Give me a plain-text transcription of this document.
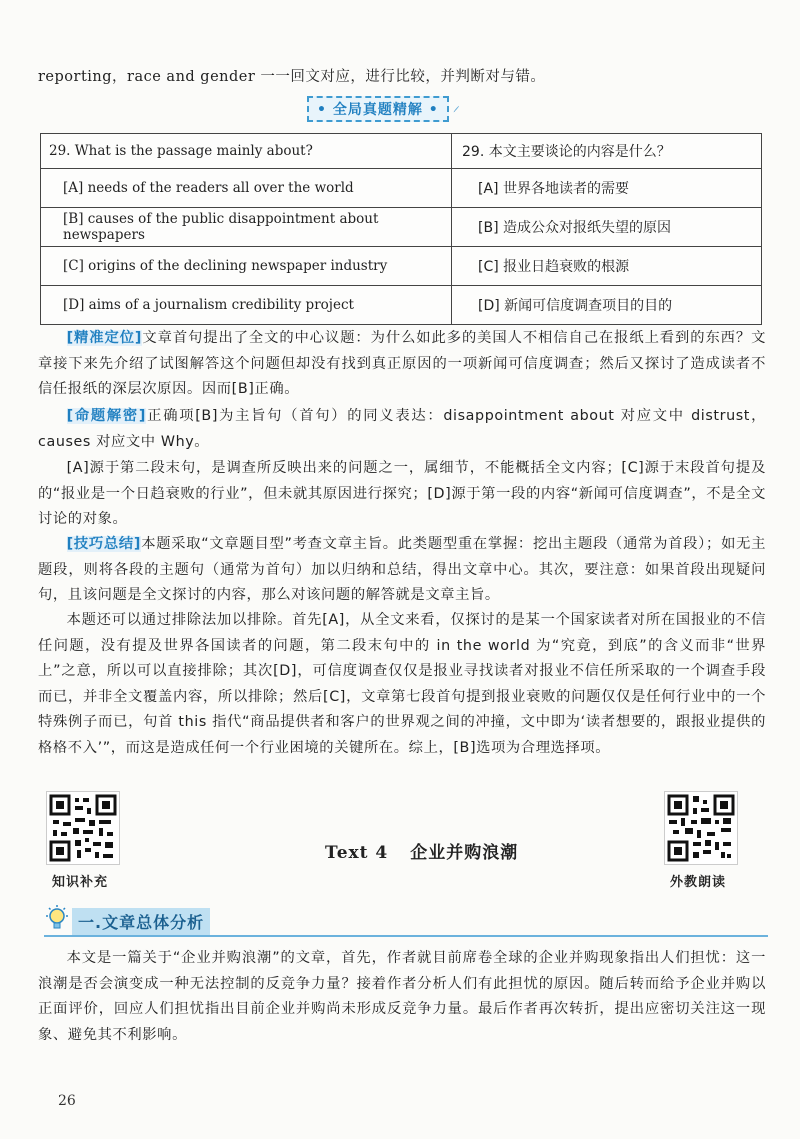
reporting，race and gender 一一回文对应，进行比较，并判断对与错。
• 全局真题精解 •
29. What is the passage mainly about?	29. 本文主要谈论的内容是什么？
[A] needs of the readers all over the world	[A] 世界各地读者的需要
[B] causes of the public disappointment about newspapers	[B] 造成公众对报纸失望的原因
[C] origins of the declining newspaper industry	[C] 报业日趋衰败的根源
[D] aims of a journalism credibility project	[D] 新闻可信度调查项目的目的
[精准定位]文章首句提出了全文的中心议题：为什么如此多的美国人不相信自己在报纸上看到的东西？文章接下来先介绍了试图解答这个问题但却没有找到真正原因的一项新闻可信度调查；然后又探讨了造成读者不信任报纸的深层次原因。因而[B]正确。
[命题解密]正确项[B]为主旨句（首句）的同义表达：disappointment about 对应文中 distrust，causes 对应文中 Why。
[A]源于第二段末句，是调查所反映出来的问题之一，属细节，不能概括全文内容；[C]源于末段首句提及的“报业是一个日趋衰败的行业”，但未就其原因进行探究；[D]源于第一段的内容“新闻可信度调查”，不是全文讨论的对象。
[技巧总结]本题采取“文章题目型”考查文章主旨。此类题型重在掌握：挖出主题段（通常为首段）；如无主题段，则将各段的主题句（通常为首句）加以归纳和总结，得出文章中心。其次，要注意：如果首段出现疑问句，且该问题是全文探讨的内容，那么对该问题的解答就是文章主旨。
本题还可以通过排除法加以排除。首先[A]，从全文来看，仅探讨的是某一个国家读者对所在国报业的不信任问题，没有提及世界各国读者的问题，第二段末句中的 in the world 为“究竟，到底”的含义而非“世界上”之意，所以可以直接排除；其次[D]，可信度调查仅仅是报业寻找读者对报业不信任所采取的一个调查手段而已，并非全文覆盖内容，所以排除；然后[C]，文章第七段首句提到报业衰败的问题仅仅是任何行业中的一个特殊例子而已，句首 this 指代“商品提供者和客户的世界观之间的冲撞，文中即为‘读者想要的，跟报业提供的格格不入’”，而这是造成任何一个行业困境的关键所在。综上，[B]选项为合理选择项。
知识补充
Text 4 企业并购浪潮
外教朗读
一.文章总体分析
本文是一篇关于“企业并购浪潮”的文章，首先，作者就目前席卷全球的企业并购现象指出人们担忧：这一浪潮是否会演变成一种无法控制的反竞争力量？接着作者分析人们有此担忧的原因。随后转而给予企业并购以正面评价，回应人们担忧指出目前企业并购尚未形成反竞争力量。最后作者再次转折，提出应密切关注这一现象、避免其不利影响。
26
